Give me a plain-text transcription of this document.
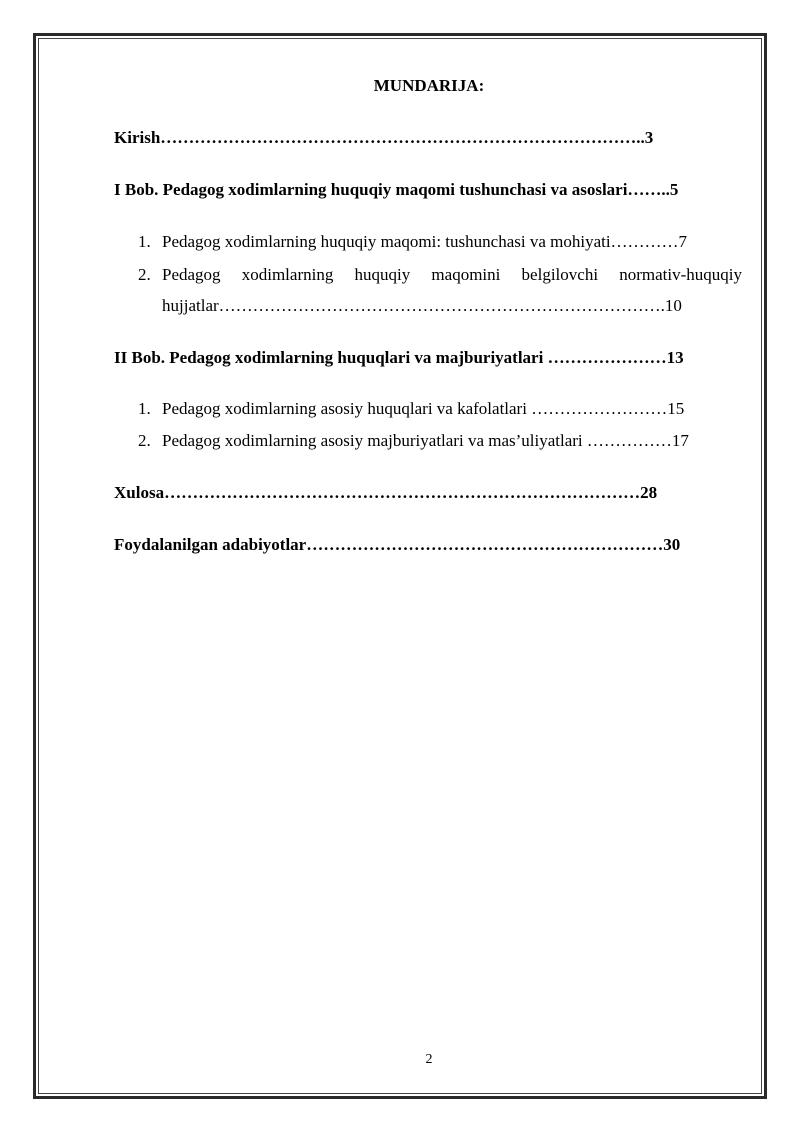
MUNDARIJA:
Kirish…………………………………………………………………………..3
I Bob. Pedagog xodimlarning huquqiy maqomi tushunchasi va asoslari……..5
1. Pedagog xodimlarning huquqiy maqomi: tushunchasi va mohiyati…………7
2. Pedagog xodimlarning huquqiy maqomini belgilovchi normativ-huquqiy
hujjatlar…………………………………………………………………….10
II Bob. Pedagog xodimlarning huquqlari va majburiyatlari …………………13
1. Pedagog xodimlarning asosiy huquqlari va kafolatlari ……………………15
2. Pedagog xodimlarning asosiy majburiyatlari va mas’uliyatlari ……………17
Xulosa…………………………………………………………………………28
Foydalanilgan adabiyotlar………………………………………………………30
2
